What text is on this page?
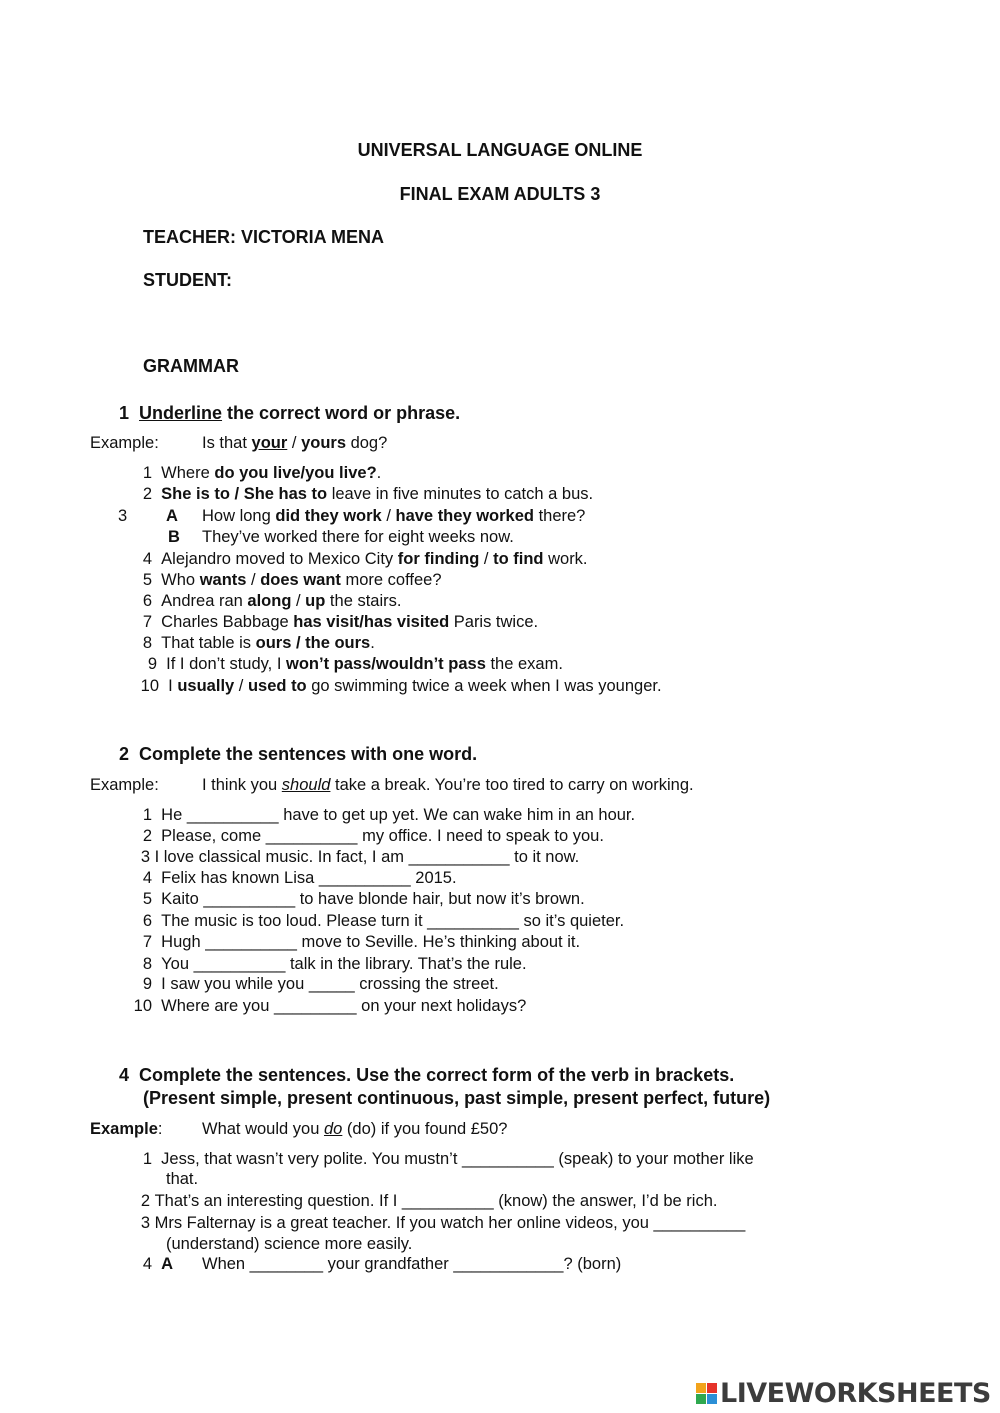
UNIVERSAL LANGUAGE ONLINE
FINAL EXAM ADULTS 3
TEACHER: VICTORIA MENA
STUDENT:
GRAMMAR
1 Underline the correct word or phrase.
Example:	Is that your / yours dog?
1 Where do you live/you live?.
2 She is to / She has to leave in five minutes to catch a bus.
3 A How long did they work / have they worked there?
B They’ve worked there for eight weeks now.
4 Alejandro moved to Mexico City for finding / to find work.
5 Who wants / does want more coffee?
6 Andrea ran along / up the stairs.
7 Charles Babbage has visit/has visited Paris twice.
8 That table is ours / the ours.
9 If I don’t study, I won’t pass/wouldn’t pass the exam.
10 I usually / used to go swimming twice a week when I was younger.
2 Complete the sentences with one word.
Example:	I think you should take a break. You’re too tired to carry on working.
1 He __________ have to get up yet. We can wake him in an hour.
2 Please, come __________ my office. I need to speak to you.
3 I love classical music. In fact, I am ___________ to it now.
4 Felix has known Lisa __________ 2015.
5 Kaito __________ to have blonde hair, but now it’s brown.
6 The music is too loud. Please turn it __________ so it’s quieter.
7 Hugh __________ move to Seville. He’s thinking about it.
8 You __________ talk in the library. That’s the rule.
9 I saw you while you _____ crossing the street.
10 Where are you _________ on your next holidays?
4 Complete the sentences. Use the correct form of the verb in brackets.
(Present simple, present continuous, past simple, present perfect, future)
Example: What would you do (do) if you found £50?
1 Jess, that wasn’t very polite. You mustn’t __________ (speak) to your mother like
that.
2 That’s an interesting question. If I __________ (know) the answer, I’d be rich.
3 Mrs Falternay is a great teacher. If you watch her online videos, you __________
(understand) science more easily.
4 A When ________ your grandfather ____________? (born)
LIVEWORKSHEETS
